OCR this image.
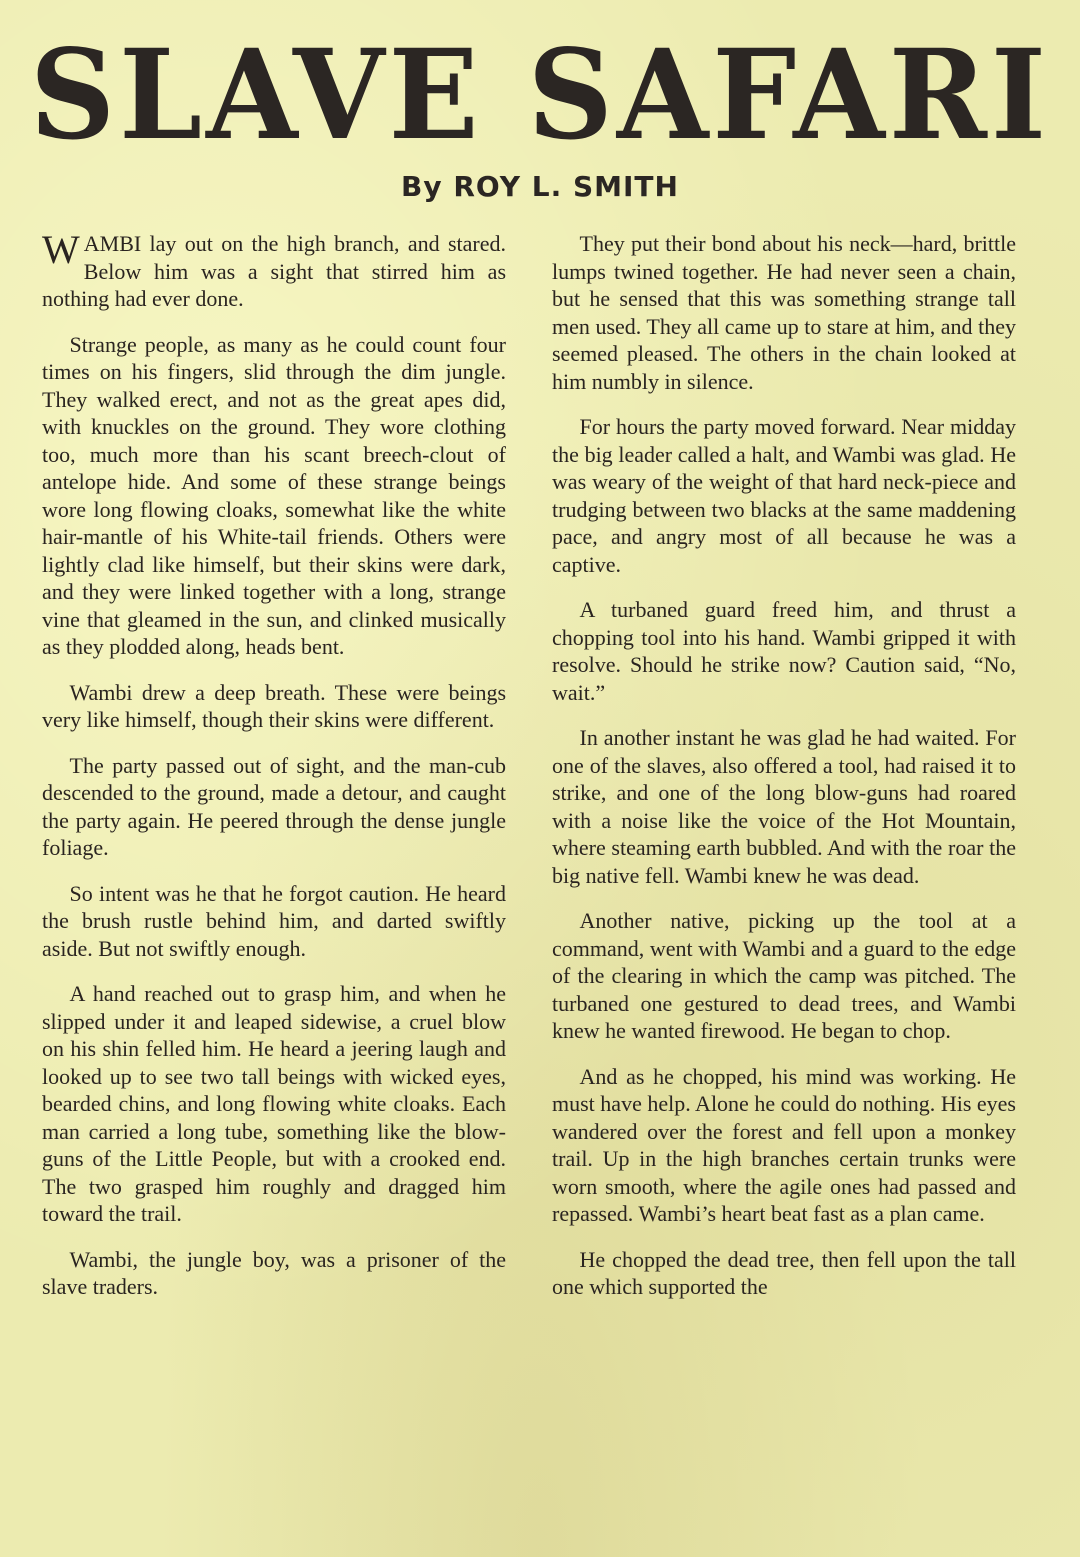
SLAVE SAFARI
By ROY L. SMITH

WAMBI lay out on the high branch, and stared. Below him was a sight that stirred him as nothing had ever done.

Strange people, as many as he could count four times on his fingers, slid through the dim jungle. They walked erect, and not as the great apes did, with knuckles on the ground. They wore clothing too, much more than his scant breech-clout of antelope hide. And some of these strange beings wore long flowing cloaks, somewhat like the white hair-mantle of his White-tail friends. Others were lightly clad like himself, but their skins were dark, and they were linked together with a long, strange vine that gleamed in the sun, and clinked musically as they plodded along, heads bent.

Wambi drew a deep breath. These were beings very like himself, though their skins were different.

The party passed out of sight, and the man-cub descended to the ground, made a detour, and caught the party again. He peered through the dense jungle foliage.

So intent was he that he forgot caution. He heard the brush rustle behind him, and darted swiftly aside. But not swiftly enough.

A hand reached out to grasp him, and when he slipped under it and leaped sidewise, a cruel blow on his shin felled him. He heard a jeering laugh and looked up to see two tall beings with wicked eyes, bearded chins, and long flowing white cloaks. Each man carried a long tube, something like the blow-guns of the Little People, but with a crooked end. The two grasped him roughly and dragged him toward the trail.

Wambi, the jungle boy, was a prisoner of the slave traders.

They put their bond about his neck—hard, brittle lumps twined together. He had never seen a chain, but he sensed that this was something strange tall men used. They all came up to stare at him, and they seemed pleased. The others in the chain looked at him numbly in silence.

For hours the party moved forward. Near midday the big leader called a halt, and Wambi was glad. He was weary of the weight of that hard neck-piece and trudging between two blacks at the same maddening pace, and angry most of all because he was a captive.

A turbaned guard freed him, and thrust a chopping tool into his hand. Wambi gripped it with resolve. Should he strike now? Caution said, “No, wait.”

In another instant he was glad he had waited. For one of the slaves, also offered a tool, had raised it to strike, and one of the long blow-guns had roared with a noise like the voice of the Hot Mountain, where steaming earth bubbled. And with the roar the big native fell. Wambi knew he was dead.

Another native, picking up the tool at a command, went with Wambi and a guard to the edge of the clearing in which the camp was pitched. The turbaned one gestured to dead trees, and Wambi knew he wanted firewood. He began to chop.

And as he chopped, his mind was working. He must have help. Alone he could do nothing. His eyes wandered over the forest and fell upon a monkey trail. Up in the high branches certain trunks were worn smooth, where the agile ones had passed and repassed. Wambi’s heart beat fast as a plan came.

He chopped the dead tree, then fell upon the tall one which supported the
